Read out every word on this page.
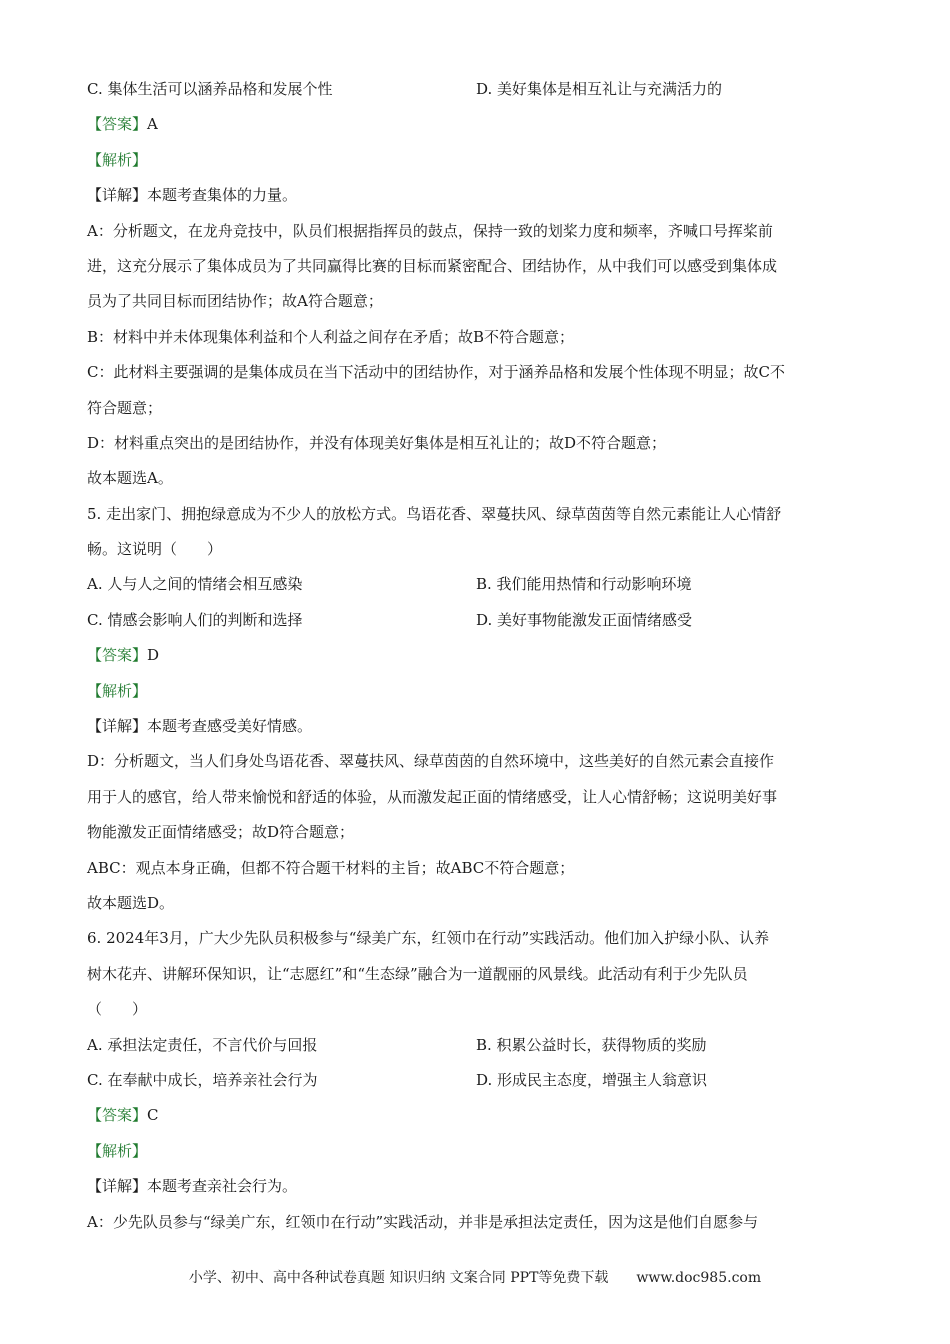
C. 集体生活可以涵养品格和发展个性	D. 美好集体是相互礼让与充满活力的
【答案】A
【解析】
【详解】本题考查集体的力量。
A：分析题文，在龙舟竞技中，队员们根据指挥员的鼓点，保持一致的划桨力度和频率，齐喊口号挥桨前
进，这充分展示了集体成员为了共同赢得比赛的目标而紧密配合、团结协作，从中我们可以感受到集体成
员为了共同目标而团结协作；故A符合题意；
B：材料中并未体现集体利益和个人利益之间存在矛盾；故B不符合题意；
C：此材料主要强调的是集体成员在当下活动中的团结协作，对于涵养品格和发展个性体现不明显；故C不
符合题意；
D：材料重点突出的是团结协作，并没有体现美好集体是相互礼让的；故D不符合题意；
故本题选A。
5. 走出家门、拥抱绿意成为不少人的放松方式。鸟语花香、翠蔓扶风、绿草茵茵等自然元素能让人心情舒
畅。这说明（　　）
A. 人与人之间的情绪会相互感染	B. 我们能用热情和行动影响环境
C. 情感会影响人们的判断和选择	D. 美好事物能激发正面情绪感受
【答案】D
【解析】
【详解】本题考查感受美好情感。
D：分析题文，当人们身处鸟语花香、翠蔓扶风、绿草茵茵的自然环境中，这些美好的自然元素会直接作
用于人的感官，给人带来愉悦和舒适的体验，从而激发起正面的情绪感受，让人心情舒畅；这说明美好事
物能激发正面情绪感受；故D符合题意；
ABC：观点本身正确，但都不符合题干材料的主旨；故ABC不符合题意；
故本题选D。
6. 2024年3月，广大少先队员积极参与“绿美广东，红领巾在行动”实践活动。他们加入护绿小队、认养
树木花卉、讲解环保知识，让“志愿红”和“生态绿”融合为一道靓丽的风景线。此活动有利于少先队员
（　　）
A. 承担法定责任，不言代价与回报	B. 积累公益时长，获得物质的奖励
C. 在奉献中成长，培养亲社会行为	D. 形成民主态度，增强主人翁意识
【答案】C
【解析】
【详解】本题考查亲社会行为。
A：少先队员参与“绿美广东，红领巾在行动”实践活动，并非是承担法定责任，因为这是他们自愿参与
小学、初中、高中各种试卷真题 知识归纳 文案合同 PPT等免费下载 www.doc985.com
